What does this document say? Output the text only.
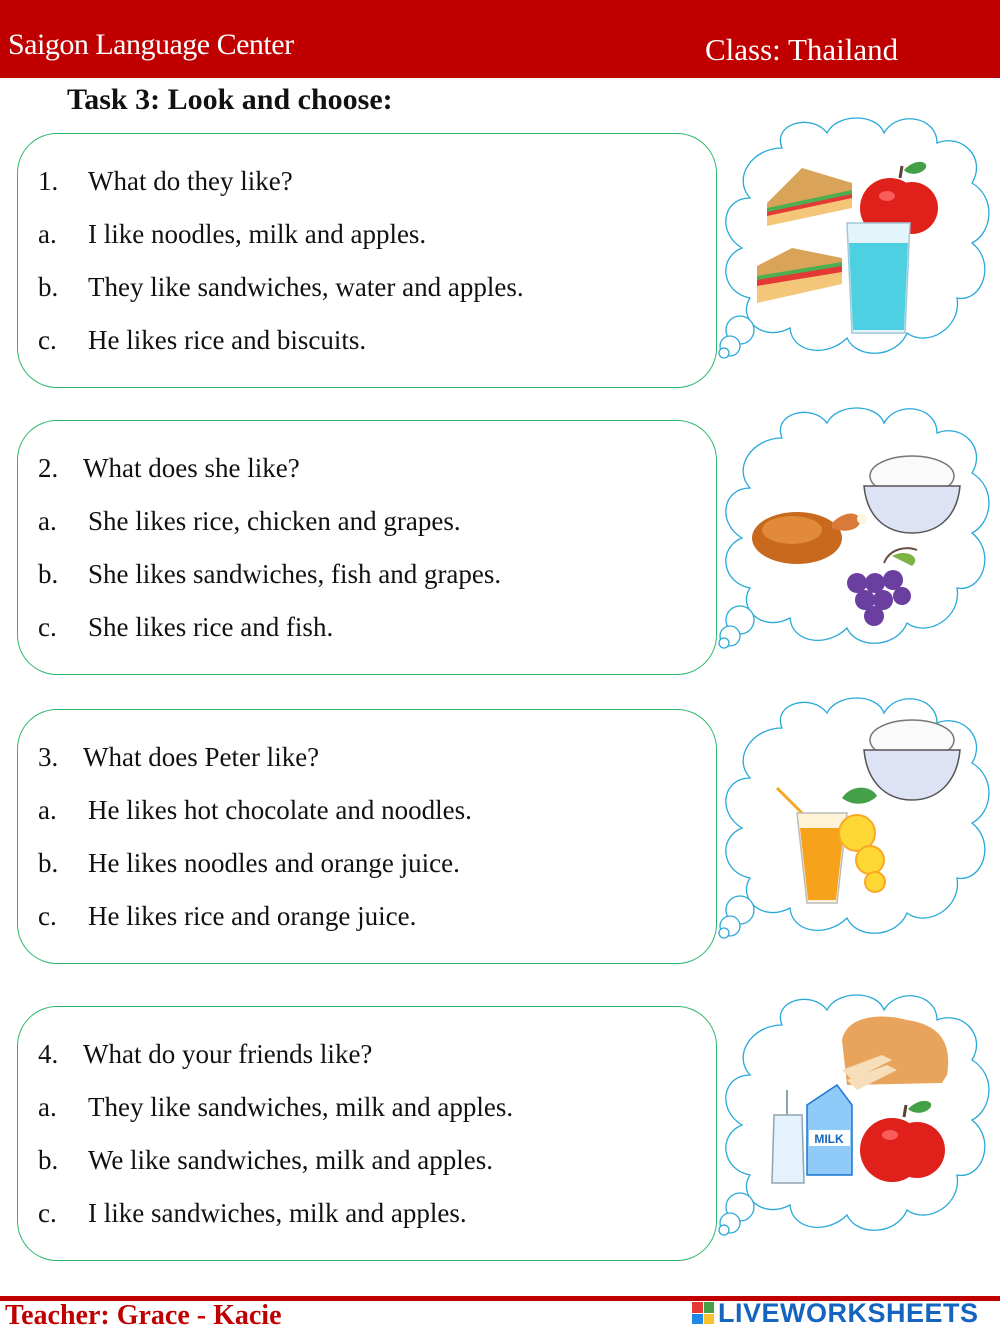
Saigon Language Center	Class: Thailand
Task 3: Look and choose:
1. What do they like?
a. I like noodles, milk and apples.
b. They like sandwiches, water and apples.
c. He likes rice and biscuits.
2. What does she like?
a. She likes rice, chicken and grapes.
b. She likes sandwiches, fish and grapes.
c. She likes rice and fish.
3. What does Peter like?
a. He likes hot chocolate and noodles.
b. He likes noodles and orange juice.
c. He likes rice and orange juice.
4. What do your friends like?
a. They like sandwiches, milk and apples.
b. We like sandwiches, milk and apples.
c. I like sandwiches, milk and apples.
MILK
Teacher: Grace - Kacie	LIVEWORKSHEETS
